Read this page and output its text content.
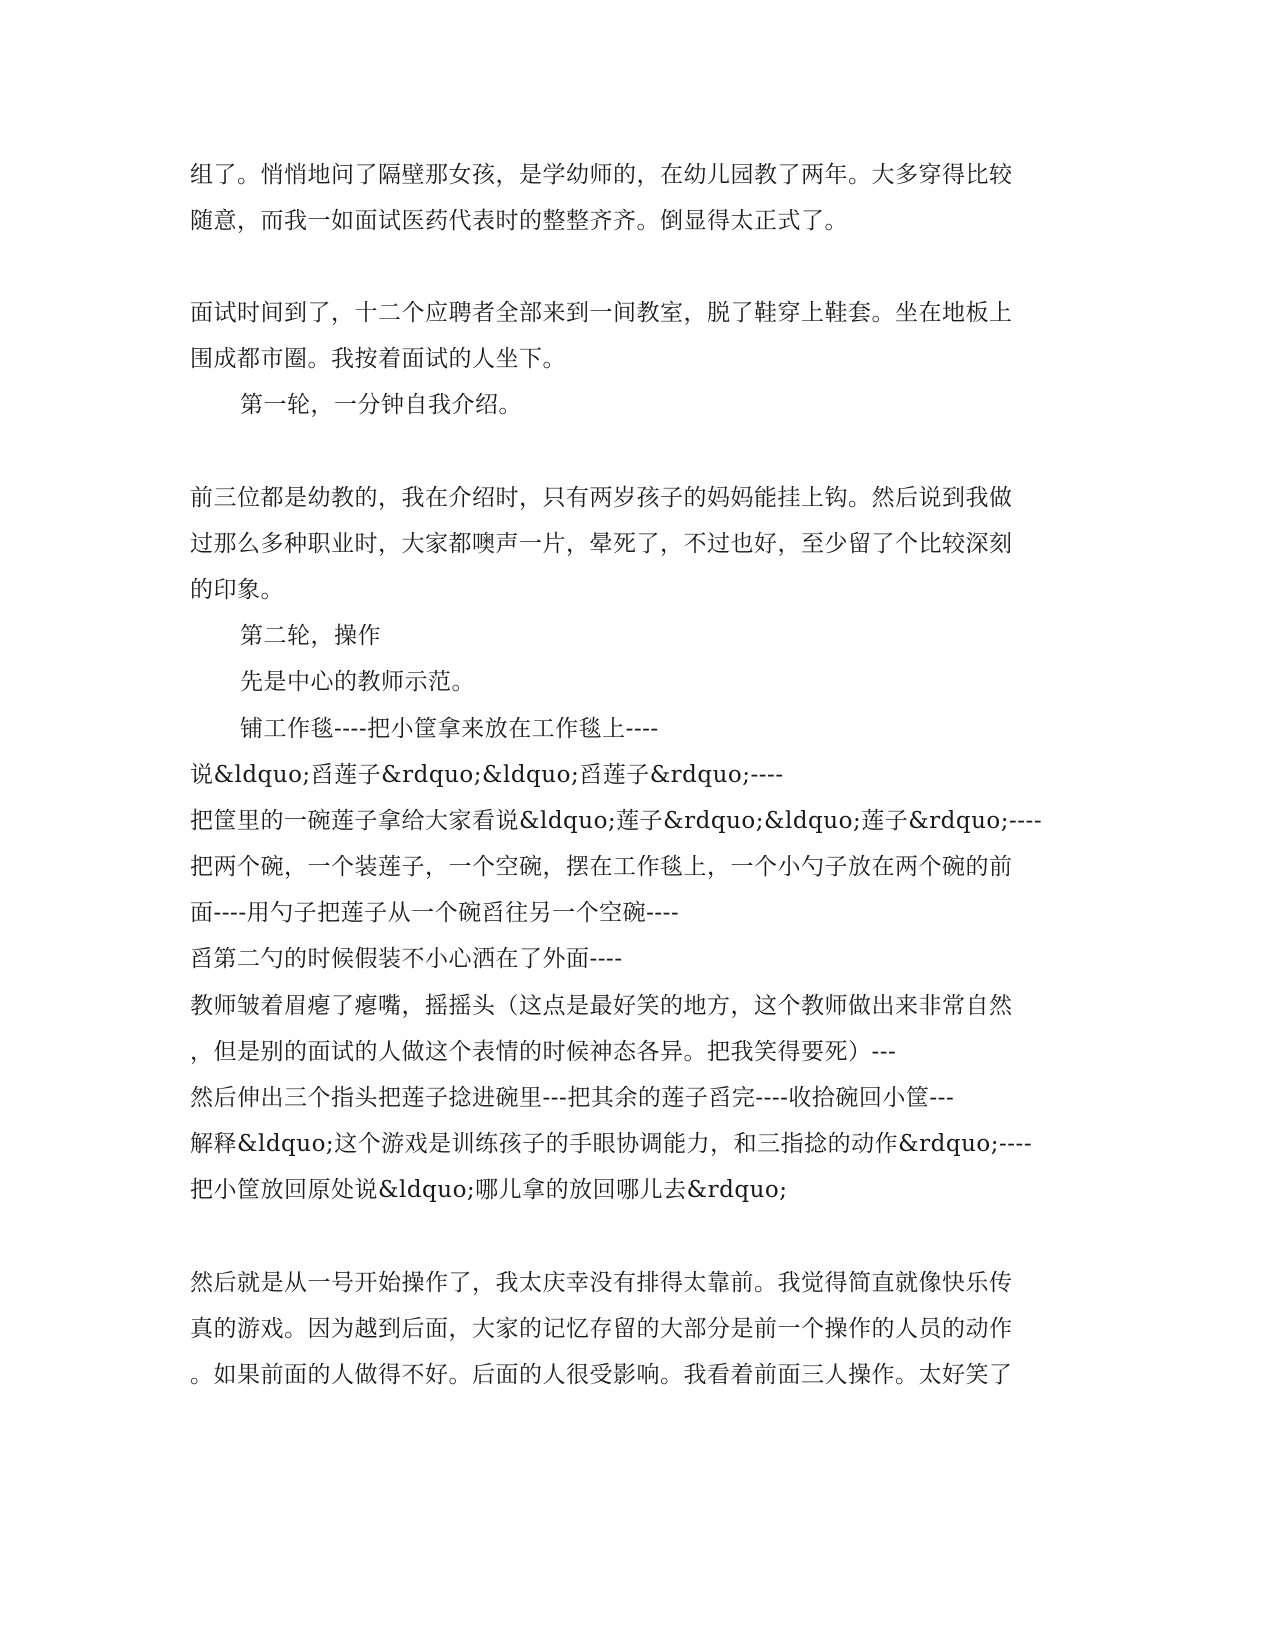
组了。悄悄地问了隔壁那女孩，是学幼师的，在幼儿园教了两年。大多穿得比较
随意，而我一如面试医药代表时的整整齐齐。倒显得太正式了。
面试时间到了，十二个应聘者全部来到一间教室，脱了鞋穿上鞋套。坐在地板上
围成都市圈。我按着面试的人坐下。
第一轮，一分钟自我介绍。
前三位都是幼教的，我在介绍时，只有两岁孩子的妈妈能挂上钩。然后说到我做
过那么多种职业时，大家都噢声一片，晕死了，不过也好，至少留了个比较深刻
的印象。
第二轮，操作
先是中心的教师示范。
铺工作毯----把小筐拿来放在工作毯上----
说&ldquo;舀莲子&rdquo;&ldquo;舀莲子&rdquo;----
把筐里的一碗莲子拿给大家看说&ldquo;莲子&rdquo;&ldquo;莲子&rdquo;----
把两个碗，一个装莲子，一个空碗，摆在工作毯上，一个小勺子放在两个碗的前
面----用勺子把莲子从一个碗舀往另一个空碗----
舀第二勺的时候假装不小心洒在了外面----
教师皱着眉瘪了瘪嘴，摇摇头（这点是最好笑的地方，这个教师做出来非常自然
，但是别的面试的人做这个表情的时候神态各异。把我笑得要死）---
然后伸出三个指头把莲子捻进碗里---把其余的莲子舀完----收拾碗回小筐---
解释&ldquo;这个游戏是训练孩子的手眼协调能力，和三指捻的动作&rdquo;----
把小筐放回原处说&ldquo;哪儿拿的放回哪儿去&rdquo;
然后就是从一号开始操作了，我太庆幸没有排得太靠前。我觉得简直就像快乐传
真的游戏。因为越到后面，大家的记忆存留的大部分是前一个操作的人员的动作
。如果前面的人做得不好。后面的人很受影响。我看着前面三人操作。太好笑了
